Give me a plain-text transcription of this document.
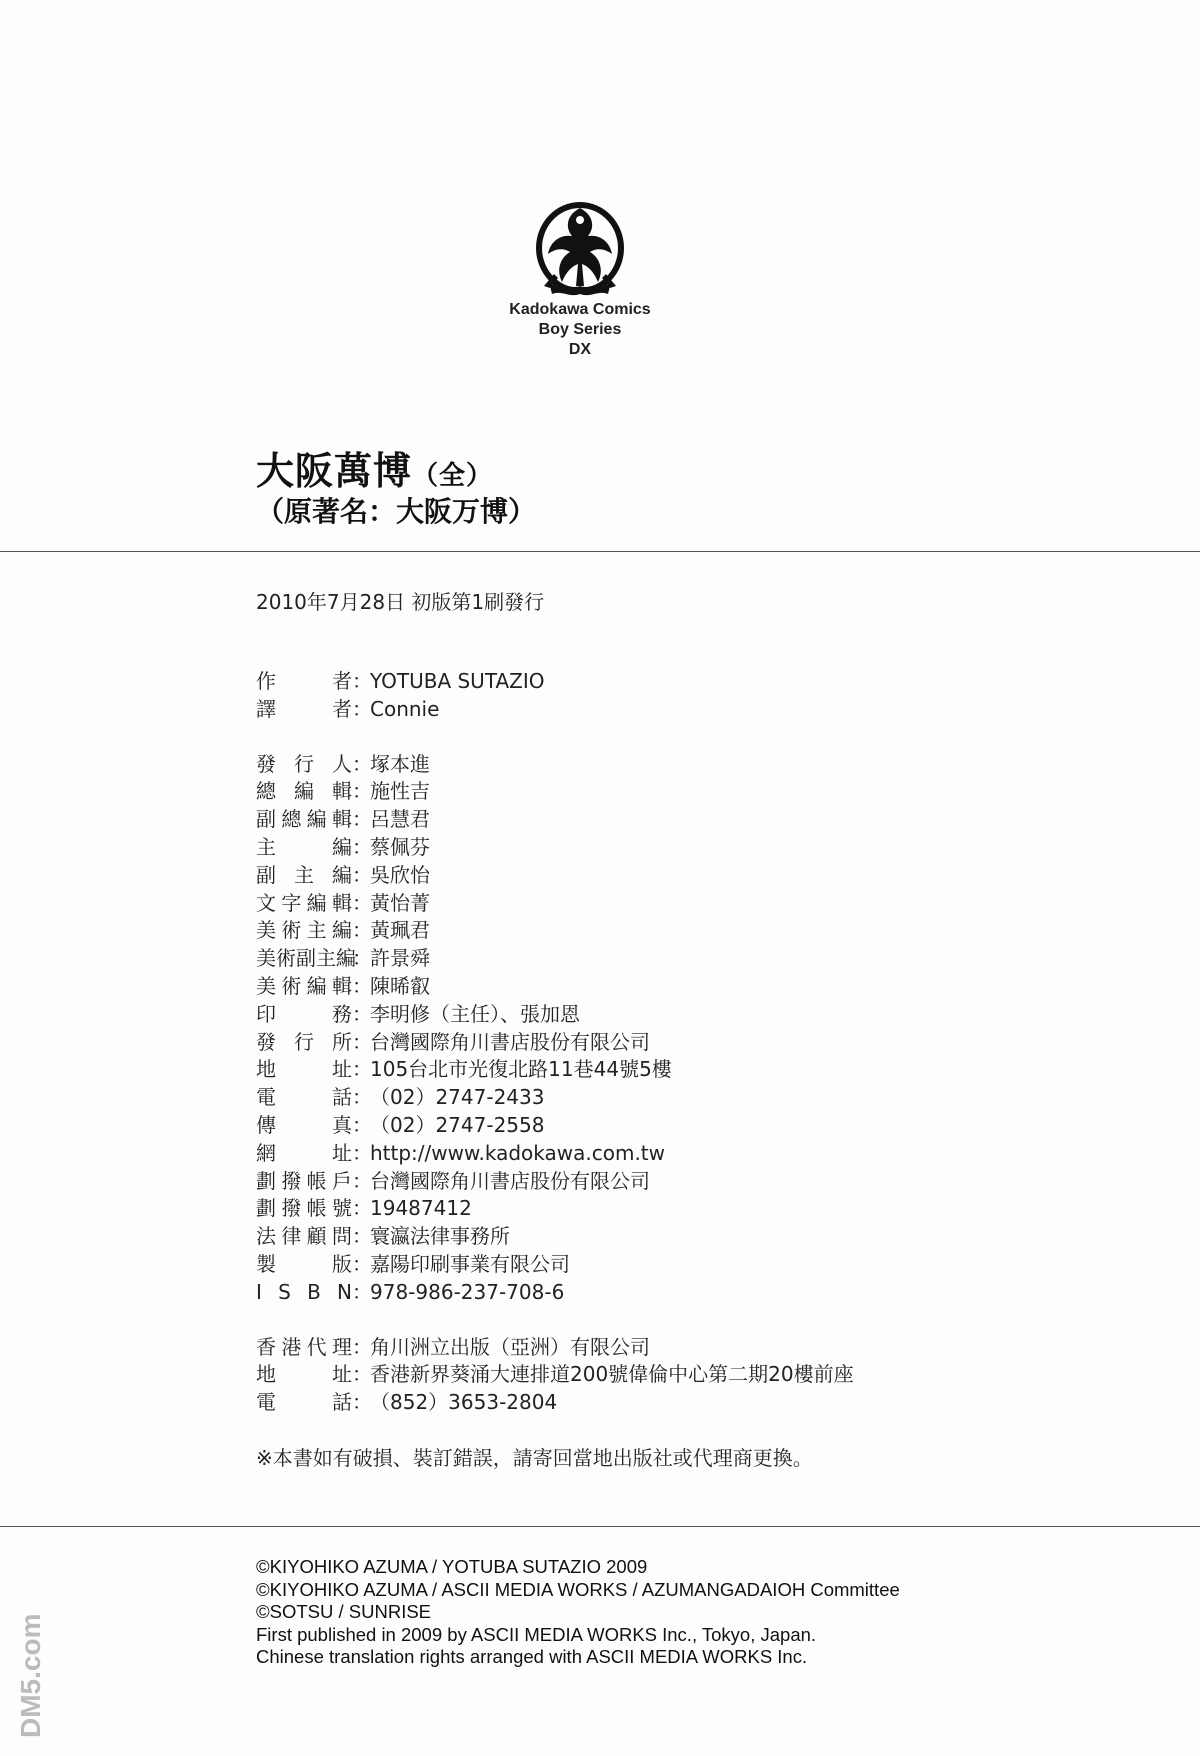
Kadokawa Comics
Boy Series
DX
大阪萬博（全）
（原著名：大阪万博）
2010年7月28日 初版第1刷發行
作者 ：
YOTUBA SUTAZIO
譯者 ：
Connie
發行人 ：
塚本進
總編輯 ：
施性吉
副總編輯 ：
呂慧君
主編 ：
蔡佩芬
副主編 ：
吳欣怡
文字編輯 ：
黃怡菁
美術主編 ：
黃珮君
美術副主編
：
許景舜
美術編輯 ：
陳晞叡
印務 ：
李明修（主任）、張加恩
發行所 ：
台灣國際角川書店股份有限公司
地址 ：
105台北市光復北路11巷44號5樓
電話 ：
（02）2747-2433
傳真 ：
（02）2747-2558
網址 ：
http://www.kadokawa.com.tw
劃撥帳戶 ：
台灣國際角川書店股份有限公司
劃撥帳號 ：
19487412
法律顧問 ：
寰瀛法律事務所
製版 ：
嘉陽印刷事業有限公司
I S B N ：
978-986-237-708-6
香港代理 ：
角川洲立出版（亞洲）有限公司
地址 ：
香港新界葵涌大連排道200號偉倫中心第二期20樓前座
電話 ：
（852）3653-2804
※本書如有破損、裝訂錯誤，請寄回當地出版社或代理商更換。
©KIYOHIKO AZUMA / YOTUBA SUTAZIO 2009
©KIYOHIKO AZUMA / ASCII MEDIA WORKS / AZUMANGADAIOH Committee
©SOTSU / SUNRISE
First published in 2009 by ASCII MEDIA WORKS Inc., Tokyo, Japan.
Chinese translation rights arranged with ASCII MEDIA WORKS Inc.
DM5.com
